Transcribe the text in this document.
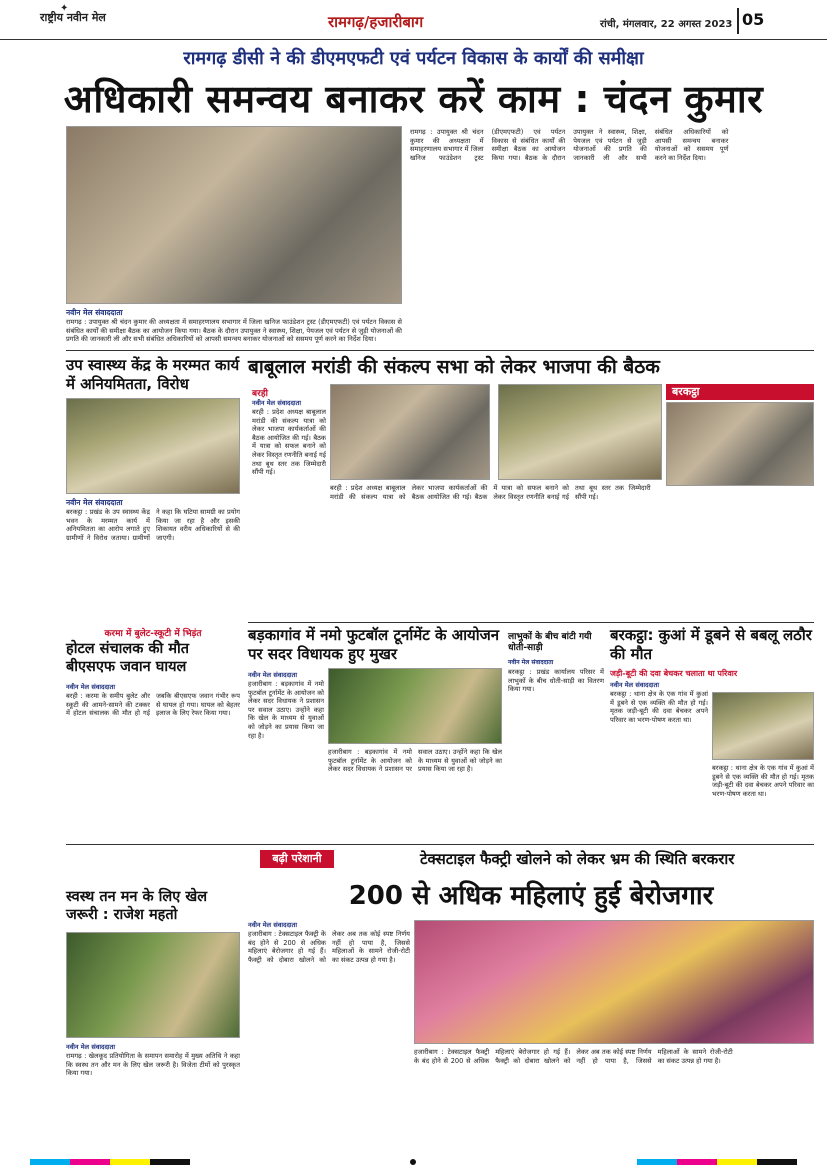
✦
राष्ट्रीय नवीन मेल	रामगढ़/हजारीबाग	रांची, मंगलवार, 22 अगस्त 2023 05
रामगढ़ डीसी ने की डीएमएफटी एवं पर्यटन विकास के कार्यों की समीक्षा
अधिकारी समन्वय बनाकर करें काम : चंदन कुमार
नवीन मेल संवाददाता
रामगढ़ : उपायुक्त श्री चंदन कुमार की अध्यक्षता में समाहरणालय सभागार में जिला खनिज फाउंडेशन ट्रस्ट (डीएमएफटी) एवं पर्यटन विकास से संबंधित कार्यों की समीक्षा बैठक का आयोजन किया गया। बैठक के दौरान उपायुक्त ने स्वास्थ्य, शिक्षा, पेयजल एवं पर्यटन से जुड़ी योजनाओं की प्रगति की जानकारी ली और सभी संबंधित अधिकारियों को आपसी समन्वय बनाकर योजनाओं को ससमय पूर्ण करने का निर्देश दिया।
रामगढ़ : उपायुक्त श्री चंदन कुमार की अध्यक्षता में समाहरणालय सभागार में जिला खनिज फाउंडेशन ट्रस्ट (डीएमएफटी) एवं पर्यटन विकास से संबंधित कार्यों की समीक्षा बैठक का आयोजन किया गया। बैठक के दौरान उपायुक्त ने स्वास्थ्य, शिक्षा, पेयजल एवं पर्यटन से जुड़ी योजनाओं की प्रगति की जानकारी ली और सभी संबंधित अधिकारियों को आपसी समन्वय बनाकर योजनाओं को ससमय पूर्ण करने का निर्देश दिया।
उप स्वास्थ्य केंद्र के मरम्मत कार्य में अनियमितता, विरोध
नवीन मेल संवाददाता
बरकट्ठा : प्रखंड के उप स्वास्थ्य केंद्र भवन के मरम्मत कार्य में अनियमितता का आरोप लगाते हुए ग्रामीणों ने विरोध जताया। ग्रामीणों ने कहा कि घटिया सामग्री का प्रयोग किया जा रहा है और इसकी शिकायत वरीय अधिकारियों से की जाएगी।
बाबूलाल मरांडी की संकल्प सभा को लेकर भाजपा की बैठक
बरही	बरकट्ठा
नवीन मेल संवाददाता
बरही : प्रदेश अध्यक्ष बाबूलाल मरांडी की संकल्प यात्रा को लेकर भाजपा कार्यकर्ताओं की बैठक आयोजित की गई। बैठक में यात्रा को सफल बनाने को लेकर विस्तृत रणनीति बनाई गई तथा बूथ स्तर तक जिम्मेदारी सौंपी गई।
बरही : प्रदेश अध्यक्ष बाबूलाल मरांडी की संकल्प यात्रा को लेकर भाजपा कार्यकर्ताओं की बैठक आयोजित की गई। बैठक में यात्रा को सफल बनाने को लेकर विस्तृत रणनीति बनाई गई तथा बूथ स्तर तक जिम्मेदारी सौंपी गई।
बड़कागांव में नमो फुटबॉल टूर्नामेंट के आयोजन पर सदर विधायक हुए मुखर
नवीन मेल संवाददाता
हजारीबाग : बड़कागांव में नमो फुटबॉल टूर्नामेंट के आयोजन को लेकर सदर विधायक ने प्रशासन पर सवाल उठाए। उन्होंने कहा कि खेल के माध्यम से युवाओं को जोड़ने का प्रयास किया जा रहा है।
हजारीबाग : बड़कागांव में नमो फुटबॉल टूर्नामेंट के आयोजन को लेकर सदर विधायक ने प्रशासन पर सवाल उठाए। उन्होंने कहा कि खेल के माध्यम से युवाओं को जोड़ने का प्रयास किया जा रहा है।
लाभुकों के बीच बांटी गयी धोती-साड़ी
नवीन मेल संवाददाता
बरकट्ठा : प्रखंड कार्यालय परिसर में लाभुकों के बीच धोती-साड़ी का वितरण किया गया।
बरकट्ठा: कुआं में डूबने से बबलू लठौर की मौत
जड़ी-बूटी की दवा बेचकर चलाता था परिवार
नवीन मेल संवाददाता
बरकट्ठा : थाना क्षेत्र के एक गांव में कुआं में डूबने से एक व्यक्ति की मौत हो गई। मृतक जड़ी-बूटी की दवा बेचकर अपने परिवार का भरण-पोषण करता था।
बरकट्ठा : थाना क्षेत्र के एक गांव में कुआं में डूबने से एक व्यक्ति की मौत हो गई। मृतक जड़ी-बूटी की दवा बेचकर अपने परिवार का भरण-पोषण करता था।
करमा में बुलेट-स्कूटी में भिड़ंत
होटल संचालक की मौत बीएसएफ जवान घायल
नवीन मेल संवाददाता
बरही : करमा के समीप बुलेट और स्कूटी की आमने-सामने की टक्कर में होटल संचालक की मौत हो गई जबकि बीएसएफ जवान गंभीर रूप से घायल हो गया। घायल को बेहतर इलाज के लिए रेफर किया गया।
बढ़ी परेशानी	टेक्सटाइल फैक्ट्री खोलने को लेकर भ्रम की स्थिति बरकरार
200 से अधिक महिलाएं हुई बेरोजगार
स्वस्थ तन मन के लिए खेल जरूरी : राजेश महतो
नवीन मेल संवाददाता
रामगढ़ : खेलकूद प्रतियोगिता के समापन समारोह में मुख्य अतिथि ने कहा कि स्वस्थ तन और मन के लिए खेल जरूरी है। विजेता टीमों को पुरस्कृत किया गया।
नवीन मेल संवाददाता
हजारीबाग : टेक्सटाइल फैक्ट्री के बंद होने से 200 से अधिक महिलाएं बेरोजगार हो गई हैं। फैक्ट्री को दोबारा खोलने को लेकर अब तक कोई स्पष्ट निर्णय नहीं हो पाया है, जिससे महिलाओं के सामने रोजी-रोटी का संकट उत्पन्न हो गया है।
हजारीबाग : टेक्सटाइल फैक्ट्री के बंद होने से 200 से अधिक महिलाएं बेरोजगार हो गई हैं। फैक्ट्री को दोबारा खोलने को लेकर अब तक कोई स्पष्ट निर्णय नहीं हो पाया है, जिससे महिलाओं के सामने रोजी-रोटी का संकट उत्पन्न हो गया है।
